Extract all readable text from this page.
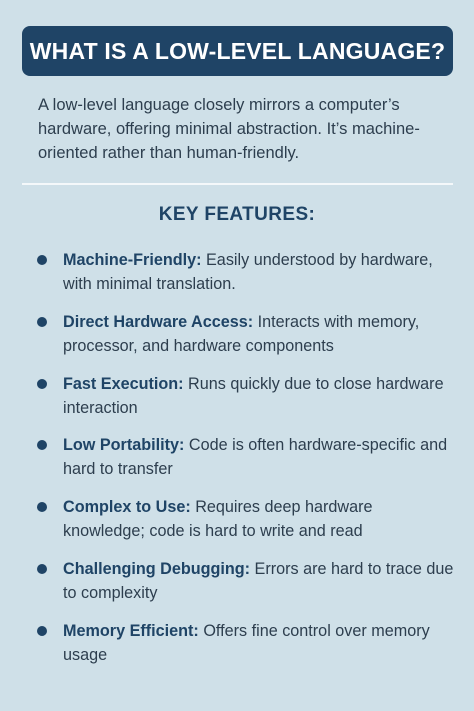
WHAT IS A LOW-LEVEL LANGUAGE?

A low-level language closely mirrors a computer’s hardware, offering minimal abstraction. It’s machine-oriented rather than human-friendly.

KEY FEATURES:
Machine-Friendly: Easily understood by hardware, with minimal translation.
Direct Hardware Access: Interacts with memory, processor, and hardware components
Fast Execution: Runs quickly due to close hardware interaction
Low Portability: Code is often hardware-specific and hard to transfer
Complex to Use: Requires deep hardware knowledge; code is hard to write and read
Challenging Debugging: Errors are hard to trace due to complexity
Memory Efficient: Offers fine control over memory usage
